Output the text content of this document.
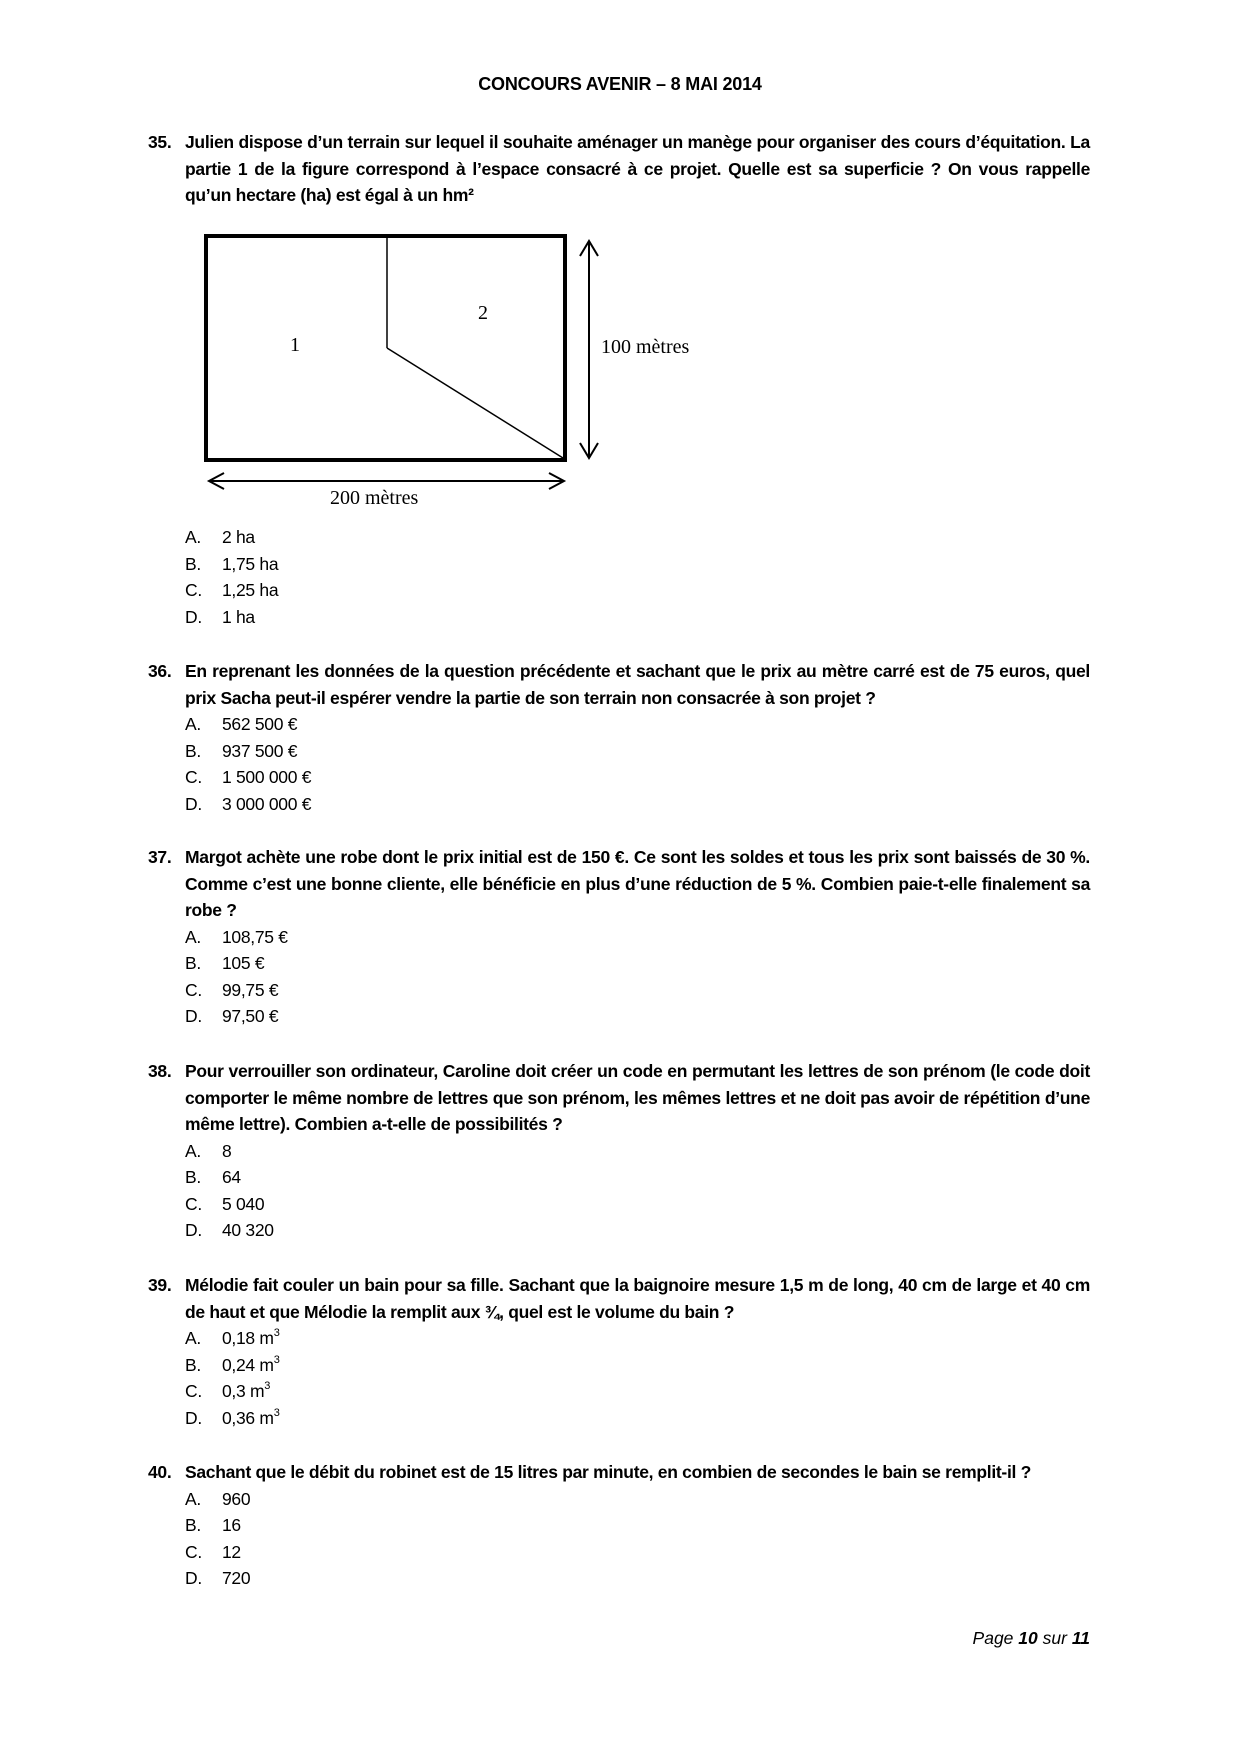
CONCOURS AVENIR – 8 MAI 2014
1
2
100 mètres
200 mètres
35. Julien dispose d’un terrain sur lequel il souhaite aménager un manège pour organiser des cours d’équitation. La partie 1 de la figure correspond à l’espace consacré à ce projet. Quelle est sa superficie ? On vous rappelle qu’un hectare (ha) est égal à un hm²
A.	2 ha
B.	1,75 ha
C.	1,25 ha
D.	1 ha
36. En reprenant les données de la question précédente et sachant que le prix au mètre carré est de 75 euros, quel prix Sacha peut-il espérer vendre la partie de son terrain non consacrée à son projet ?
A.	562 500 €
B.	937 500 €
C.	1 500 000 €
D.	3 000 000 €
37. Margot achète une robe dont le prix initial est de 150 €. Ce sont les soldes et tous les prix sont baissés de 30 %. Comme c’est une bonne cliente, elle bénéficie en plus d’une réduction de 5 %. Combien paie-t-elle finalement sa robe ?
A.	108,75 €
B.	105 €
C.	99,75 €
D.	97,50 €
38. Pour verrouiller son ordinateur, Caroline doit créer un code en permutant les lettres de son prénom (le code doit comporter le même nombre de lettres que son prénom, les mêmes lettres et ne doit pas avoir de répétition d’une même lettre). Combien a-t-elle de possibilités ?
A.	8
B.	64
C.	5 040
D.	40 320
39. Mélodie fait couler un bain pour sa fille. Sachant que la baignoire mesure 1,5 m de long, 40 cm de large et 40 cm de haut et que Mélodie la remplit aux ¾, quel est le volume du bain ?
A.	0,18 $m^3$
B.	0,24 $m^3$
C.	0,3 $m^3$
D.	0,36 $m^3$
40. Sachant que le débit du robinet est de 15 litres par minute, en combien de secondes le bain se remplit-il ?
A.	960
B.	16
C.	12
D.	720
Page 10 sur 11
